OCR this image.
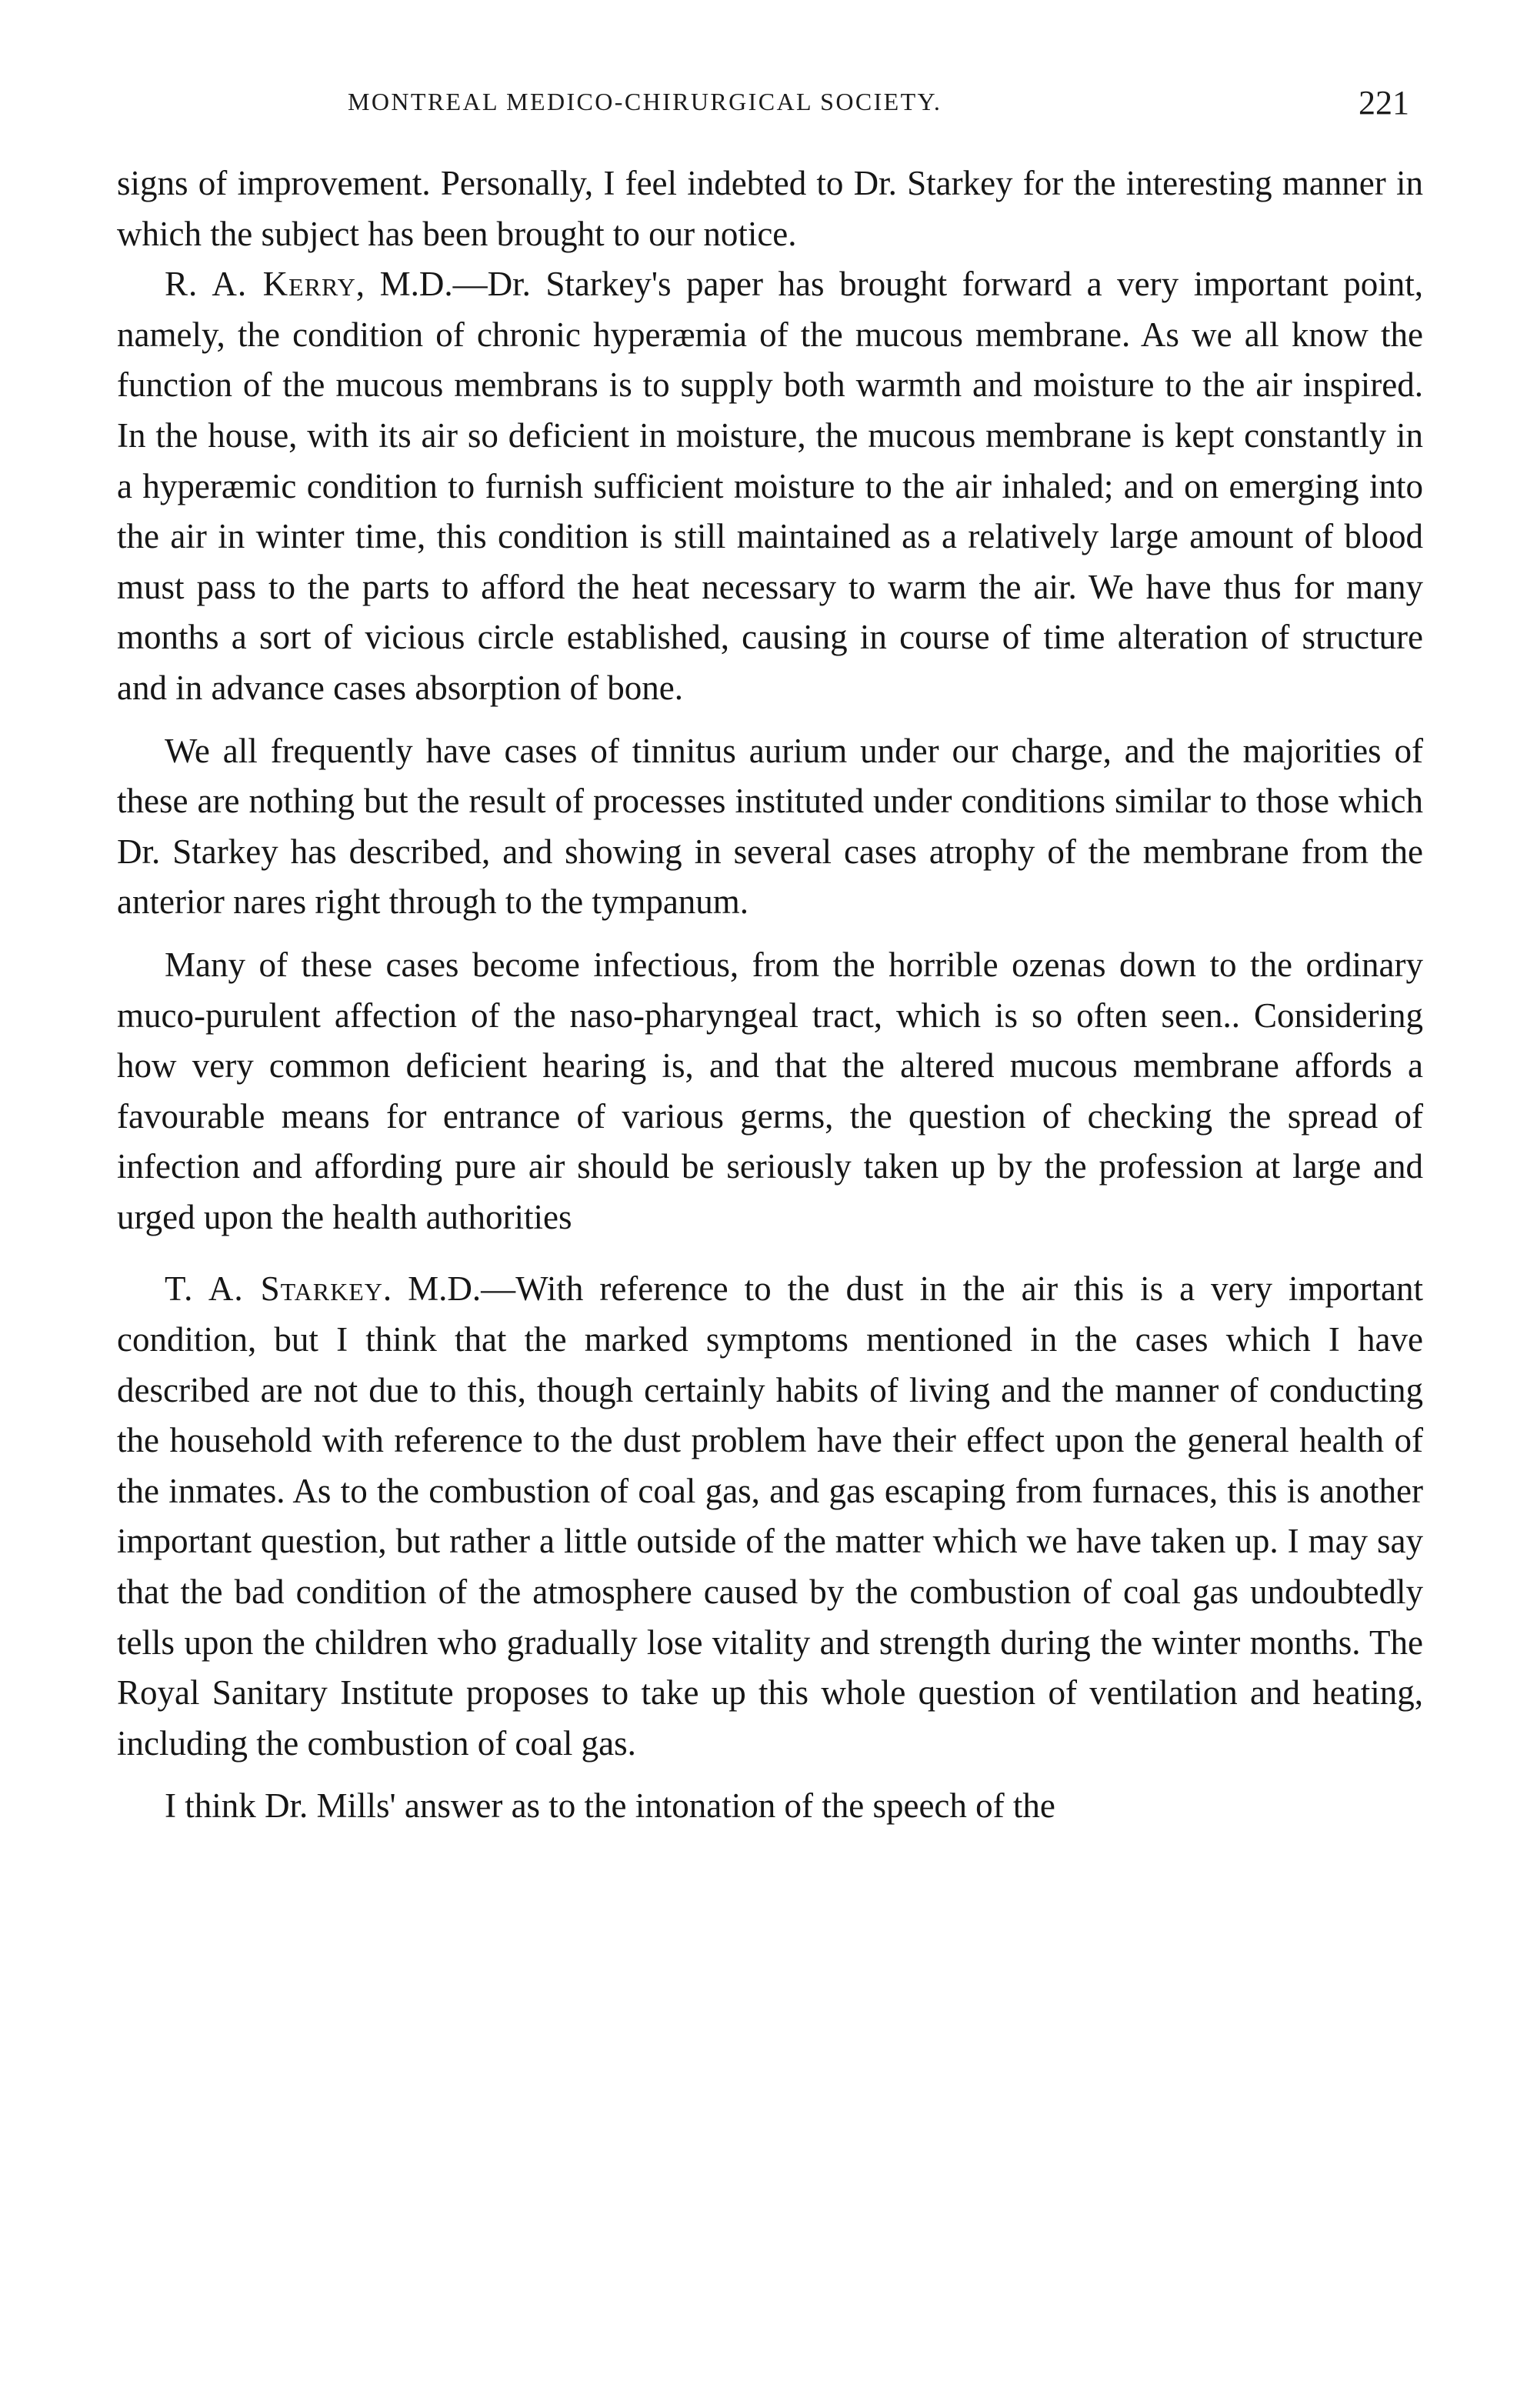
MONTREAL MEDICO-CHIRURGICAL SOCIETY.	221

signs of improvement. Personally, I feel indebted to Dr. Starkey for the interesting manner in which the subject has been brought to our notice.

R. A. Kerry, M.D.—Dr. Starkey's paper has brought forward a very important point, namely, the condition of chronic hyperæmia of the mucous membrane. As we all know the function of the mucous membrans is to supply both warmth and moisture to the air inspired. In the house, with its air so deficient in moisture, the mucous membrane is kept constantly in a hyperæmic condition to furnish sufficient moisture to the air inhaled; and on emerging into the air in winter time, this condition is still maintained as a relatively large amount of blood must pass to the parts to afford the heat necessary to warm the air. We have thus for many months a sort of vicious circle established, causing in course of time alteration of structure and in advance cases absorption of bone.

We all frequently have cases of tinnitus aurium under our charge, and the majorities of these are nothing but the result of processes instituted under conditions similar to those which Dr. Starkey has described, and showing in several cases atrophy of the membrane from the anterior nares right through to the tympanum.

Many of these cases become infectious, from the horrible ozenas down to the ordinary muco-purulent affection of the naso-pharyngeal tract, which is so often seen.. Considering how very common deficient hearing is, and that the altered mucous membrane affords a favourable means for entrance of various germs, the question of checking the spread of infection and affording pure air should be seriously taken up by the profession at large and urged upon the health authorities

T. A. Starkey. M.D.—With reference to the dust in the air this is a very important condition, but I think that the marked symptoms mentioned in the cases which I have described are not due to this, though certainly habits of living and the manner of conducting the household with reference to the dust problem have their effect upon the general health of the inmates. As to the combustion of coal gas, and gas escaping from furnaces, this is another important question, but rather a little outside of the matter which we have taken up. I may say that the bad condition of the atmosphere caused by the combustion of coal gas undoubtedly tells upon the children who gradually lose vitality and strength during the winter months. The Royal Sanitary Institute proposes to take up this whole question of ventilation and heating, including the combustion of coal gas.

I think Dr. Mills' answer as to the intonation of the speech of the
